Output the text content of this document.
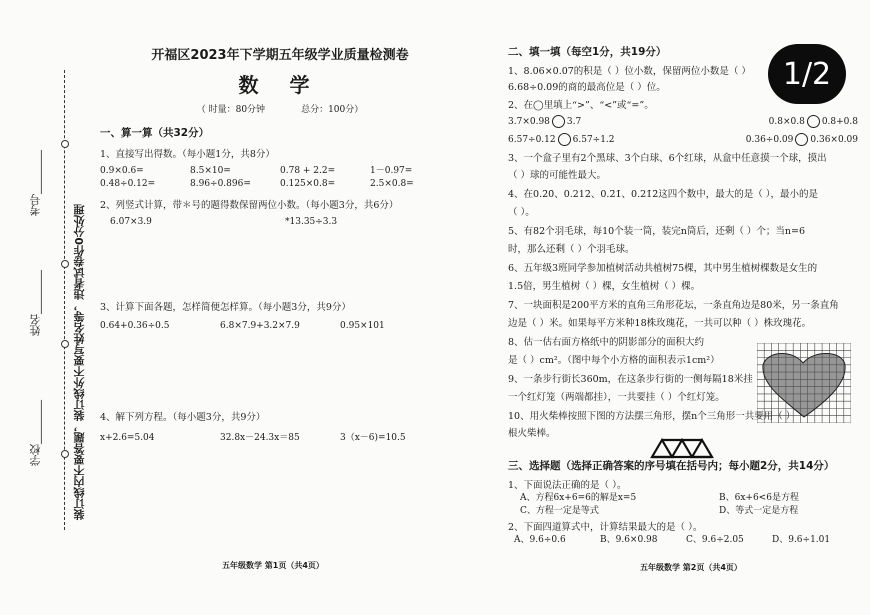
装订线内不要答题，装订线外不要写姓名等，违者试卷作0分处理
学校________
姓名________
考号________
开福区2023年下学期五年级学业质量检测卷
数 学
（ 时量：80分钟	总分：100分）
一、算一算（共32分）
1、直接写出得数。（每小题1分，共8分）
0.9×0.6=	8.5×10=	0.78 + 2.2=	1－0.97=
0.48÷0.12=	8.96÷0.896=	0.125×0.8=	2.5×0.8=
2、列竖式计算，带＊号的题得数保留两位小数。（每小题3分，共6分）
6.07×3.9	*13.35÷3.3
3、计算下面各题，怎样简便怎样算。（每小题3分，共9分）
0.64+0.36÷0.5	6.8×7.9+3.2×7.9	0.95×101
4、解下列方程。（每小题3分，共9分）
x+2.6=5.04	32.8x－24.3x＝85	3（x－6)=10.5
五年级数学 第1页（共4页）
二、填一填（每空1分，共19分）
1、8.06×0.07的积是（ ）位小数，保留两位小数是（ ）
6.68÷0.09的商的最高位是（ ）位。
2、在◯里填上“>”、“<”或“=”。
3.7×0.98 3.7	0.8×0.8 0.8+0.8
6.57÷0.12 6.57÷1.2	0.36÷0.09 0.36×0.09
3、一个盒子里有2个黑球、3个白球、6个红球，从盒中任意摸一个球，摸出
（ ）球的可能性最大。
4、在0.2̇0̇、0.212̇、0.2̇1̇、0.21̇2̇这四个数中，最大的是（ ），最小的是
（ ）。
5、有82个羽毛球，每10个装一筒，装完n筒后，还剩（ ）个；当n=6
时，那么还剩（ ）个羽毛球。
6、五年级3班同学参加植树活动共植树75棵，其中男生植树棵数是女生的
1.5倍，男生植树（ ）棵，女生植树（ ）棵。
7、一块面积是200平方米的直角三角形花坛，一条直角边是80米，另一条直角
边是（ ）米。如果每平方米种18株玫瑰花，一共可以种（ ）株玫瑰花。
8、估一估右面方格纸中的阴影部分的面积大约
是（ ）cm²。（图中每个小方格的面积表示1cm²）
9、一条步行街长360m，在这条步行街的一侧每隔18米挂
一个红灯笼（两端都挂），一共要挂（ ）个红灯笼。
10、用火柴棒按照下图的方法摆三角形，摆n个三角形一共要用（ ）
根火柴棒。
三、选择题（选择正确答案的序号填在括号内；每小题2分，共14分）
1、下面说法正确的是（ ）。
A、方程6x+6=6的解是x=5	B、6x+6<6是方程
C、方程一定是等式	D、等式一定是方程
2、下面四道算式中，计算结果最大的是（ ）。
A、9.6÷0.6	B、9.6×0.98	C、9.6÷2.05	D、9.6÷1.01
五年级数学 第2页（共4页）
1/2
